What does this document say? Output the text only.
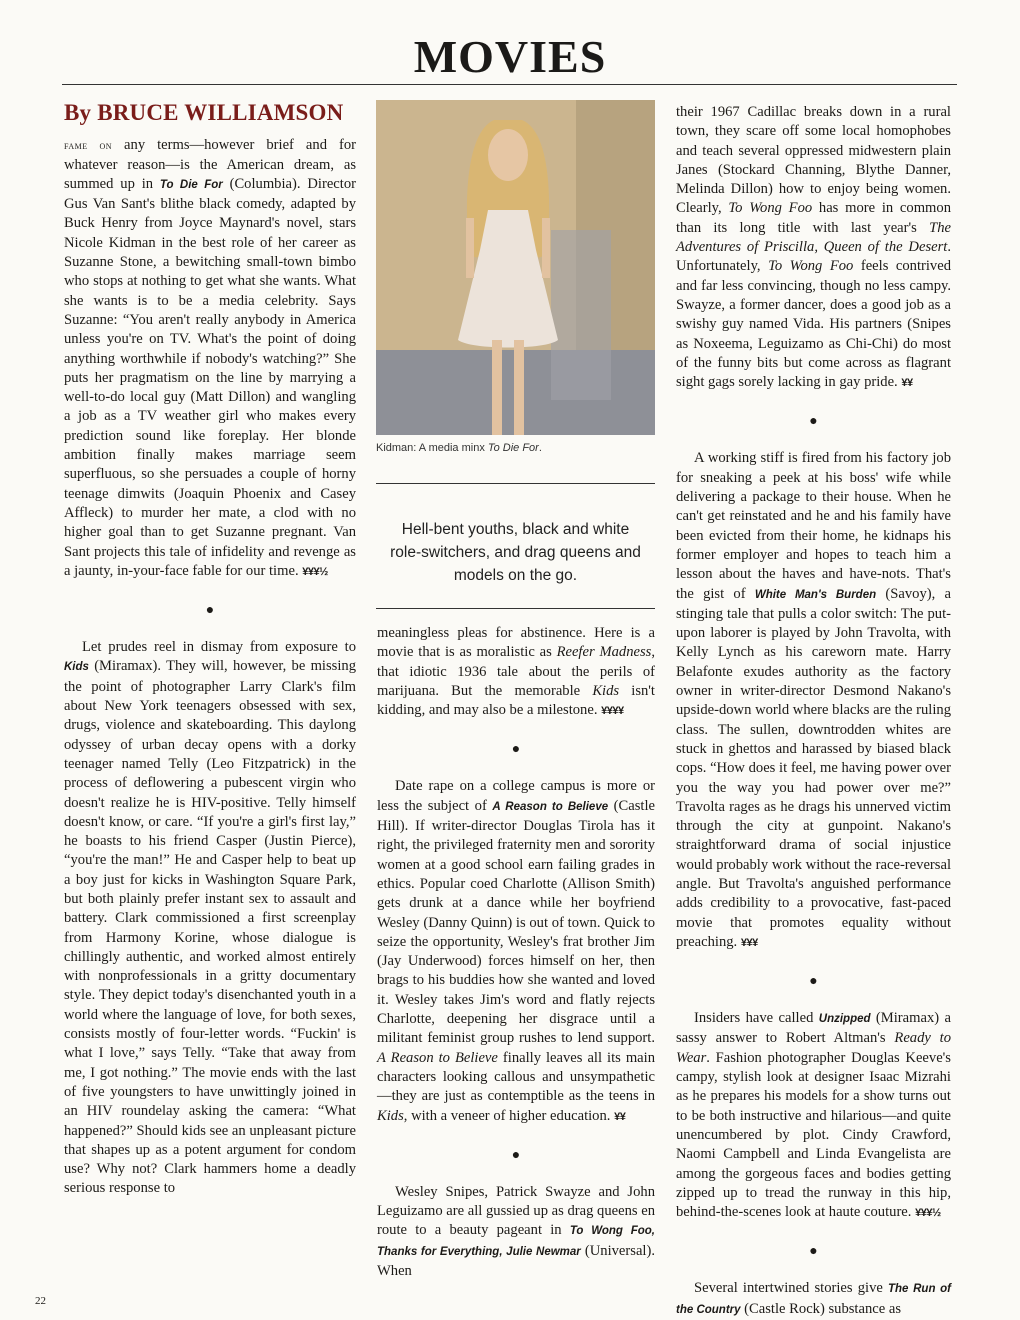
MOVIES
By BRUCE WILLIAMSON

fame on any terms—however brief and for whatever reason—is the American dream, as summed up in To Die For (Columbia). Director Gus Van Sant's blithe black comedy, adapted by Buck Henry from Joyce Maynard's novel, stars Nicole Kidman in the best role of her career as Suzanne Stone, a bewitching small-town bimbo who stops at nothing to get what she wants. What she wants is to be a media celebrity. Says Suzanne: “You aren't really anybody in America unless you're on TV. What's the point of doing anything worthwhile if nobody's watching?” She puts her pragmatism on the line by marrying a well-to-do local guy (Matt Dillon) and wangling a job as a TV weather girl who makes every prediction sound like foreplay. Her blonde ambition finally makes marriage seem superfluous, so she persuades a couple of horny teenage dimwits (Joaquin Phoenix and Casey Affleck) to murder her mate, a clod with no higher goal than to get Suzanne pregnant. Van Sant projects this tale of infidelity and revenge as a jaunty, in-your-face fable for our time. ¥¥¥½

●

Let prudes reel in dismay from exposure to Kids (Miramax). They will, however, be missing the point of photographer Larry Clark's film about New York teenagers obsessed with sex, drugs, violence and skateboarding. This daylong odyssey of urban decay opens with a dorky teenager named Telly (Leo Fitzpatrick) in the process of deflowering a pubescent virgin who doesn't realize he is HIV-positive. Telly himself doesn't know, or care. “If you're a girl's first lay,” he boasts to his friend Casper (Justin Pierce), “you're the man!” He and Casper help to beat up a boy just for kicks in Washington Square Park, but both plainly prefer instant sex to assault and battery. Clark commissioned a first screenplay from Harmony Korine, whose dialogue is chillingly authentic, and worked almost entirely with nonprofessionals in a gritty documentary style. They depict today's disenchanted youth in a world where the language of love, for both sexes, consists mostly of four-letter words. “Fuckin' is what I love,” says Telly. “Take that away from me, I got nothing.” The movie ends with the last of five youngsters to have unwittingly joined in an HIV roundelay asking the camera: “What happened?” Should kids see an unpleasant picture that shapes up as a potent argument for condom use? Why not? Clark hammers home a deadly serious response to

Kidman: A media minx To Die For.
Hell-bent youths, black and white role-switchers, and drag queens and models on the go.

meaningless pleas for abstinence. Here is a movie that is as moralistic as Reefer Madness, that idiotic 1936 tale about the perils of marijuana. But the memorable Kids isn't kidding, and may also be a milestone. ¥¥¥¥

●

Date rape on a college campus is more or less the subject of A Reason to Believe (Castle Hill). If writer-director Douglas Tirola has it right, the privileged fraternity men and sorority women at a good school earn failing grades in ethics. Popular coed Charlotte (Allison Smith) gets drunk at a dance while her boyfriend Wesley (Danny Quinn) is out of town. Quick to seize the opportunity, Wesley's frat brother Jim (Jay Underwood) forces himself on her, then brags to his buddies how she wanted and loved it. Wesley takes Jim's word and flatly rejects Charlotte, deepening her disgrace until a militant feminist group rushes to lend support. A Reason to Believe finally leaves all its main characters looking callous and unsympathetic—they are just as contemptible as the teens in Kids, with a veneer of higher education. ¥¥

●

Wesley Snipes, Patrick Swayze and John Leguizamo are all gussied up as drag queens en route to a beauty pageant in To Wong Foo, Thanks for Everything, Julie Newmar (Universal). When

their 1967 Cadillac breaks down in a rural town, they scare off some local homophobes and teach several oppressed midwestern plain Janes (Stockard Channing, Blythe Danner, Melinda Dillon) how to enjoy being women. Clearly, To Wong Foo has more in common than its long title with last year's The Adventures of Priscilla, Queen of the Desert. Unfortunately, To Wong Foo feels contrived and far less convincing, though no less campy. Swayze, a former dancer, does a good job as a swishy guy named Vida. His partners (Snipes as Noxeema, Leguizamo as Chi-Chi) do most of the funny bits but come across as flagrant sight gags sorely lacking in gay pride. ¥¥

●

A working stiff is fired from his factory job for sneaking a peek at his boss' wife while delivering a package to their house. When he can't get reinstated and he and his family have been evicted from their home, he kidnaps his former employer and hopes to teach him a lesson about the haves and have-nots. That's the gist of White Man's Burden (Savoy), a stinging tale that pulls a color switch: The put-upon laborer is played by John Travolta, with Kelly Lynch as his careworn mate. Harry Belafonte exudes authority as the factory owner in writer-director Desmond Nakano's upside-down world where blacks are the ruling class. The sullen, downtrodden whites are stuck in ghettos and harassed by biased black cops. “How does it feel, me having power over you the way you had power over me?” Travolta rages as he drags his unnerved victim through the city at gunpoint. Nakano's straightforward drama of social injustice would probably work without the race-reversal angle. But Travolta's anguished performance adds credibility to a provocative, fast-paced movie that promotes equality without preaching. ¥¥¥

●

Insiders have called Unzipped (Miramax) a sassy answer to Robert Altman's Ready to Wear. Fashion photographer Douglas Keeve's campy, stylish look at designer Isaac Mizrahi as he prepares his models for a show turns out to be both instructive and hilarious—and quite unencumbered by plot. Cindy Crawford, Naomi Campbell and Linda Evangelista are among the gorgeous faces and bodies getting zipped up to tread the runway in this hip, behind-the-scenes look at haute couture. ¥¥¥½

●

Several intertwined stories give The Run of the Country (Castle Rock) substance as

22
